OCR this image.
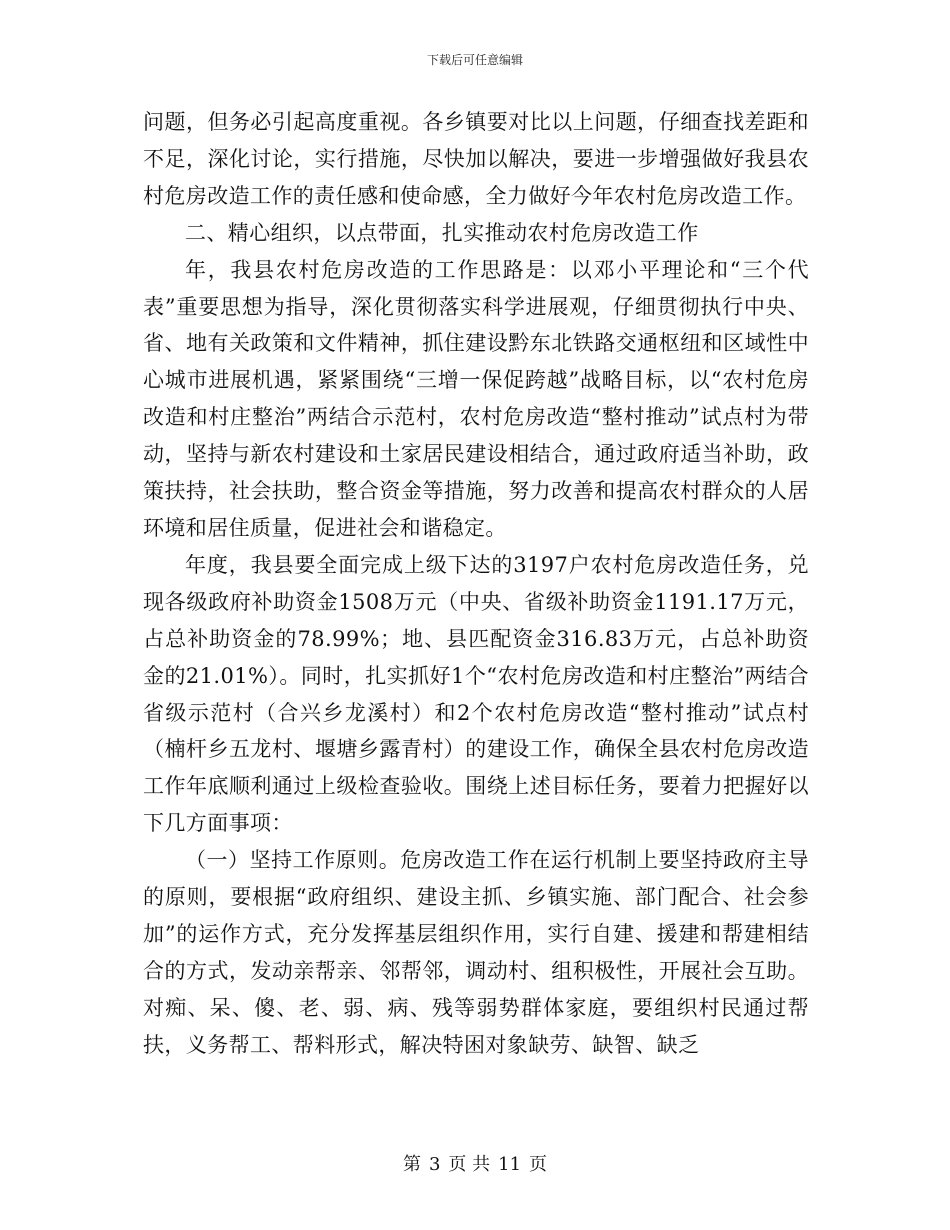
下载后可任意编辑

问题，但务必引起高度重视。各乡镇要对比以上问题，仔细查找差距和不足，深化讨论，实行措施，尽快加以解决，要进一步增强做好我县农村危房改造工作的责任感和使命感，全力做好今年农村危房改造工作。

二、精心组织，以点带面，扎实推动农村危房改造工作

年，我县农村危房改造的工作思路是：以邓小平理论和“三个代表”重要思想为指导，深化贯彻落实科学进展观，仔细贯彻执行中央、省、地有关政策和文件精神，抓住建设黔东北铁路交通枢纽和区域性中心城市进展机遇，紧紧围绕“三增一保促跨越”战略目标，以“农村危房改造和村庄整治”两结合示范村，农村危房改造“整村推动”试点村为带动，坚持与新农村建设和土家居民建设相结合，通过政府适当补助，政策扶持，社会扶助，整合资金等措施，努力改善和提高农村群众的人居环境和居住质量，促进社会和谐稳定。

年度，我县要全面完成上级下达的3197户农村危房改造任务，兑现各级政府补助资金1508万元（中央、省级补助资金1191.17万元，占总补助资金的78.99%；地、县匹配资金316.83万元，占总补助资金的21.01%）。同时，扎实抓好1个“农村危房改造和村庄整治”两结合省级示范村（合兴乡龙溪村）和2个农村危房改造“整村推动”试点村（楠杆乡五龙村、堰塘乡露青村）的建设工作，确保全县农村危房改造工作年底顺利通过上级检查验收。围绕上述目标任务，要着力把握好以下几方面事项：

（一）坚持工作原则。危房改造工作在运行机制上要坚持政府主导的原则，要根据“政府组织、建设主抓、乡镇实施、部门配合、社会参加”的运作方式，充分发挥基层组织作用，实行自建、援建和帮建相结合的方式，发动亲帮亲、邻帮邻，调动村、组积极性，开展社会互助。对痴、呆、傻、老、弱、病、残等弱势群体家庭，要组织村民通过帮扶，义务帮工、帮料形式，解决特困对象缺劳、缺智、缺乏

第 3 页 共 11 页
